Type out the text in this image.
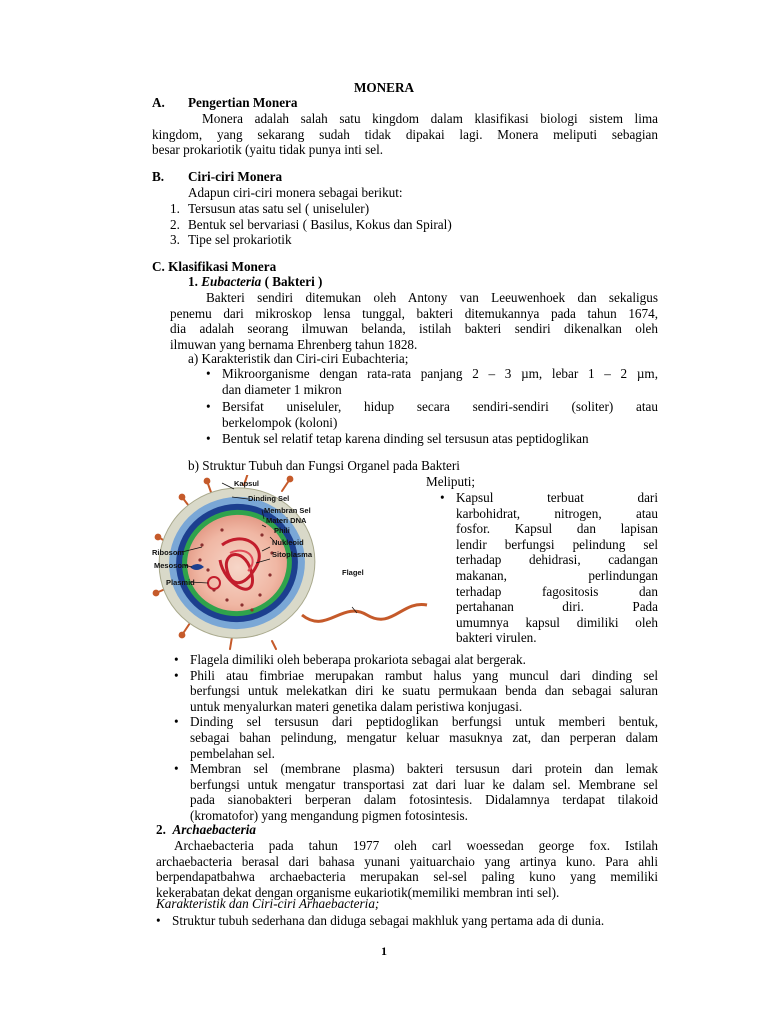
MONERA
A. Pengertian Monera
Monera adalah salah satu kingdom dalam klasifikasi biologi sistem lima
kingdom, yang sekarang sudah tidak dipakai lagi. Monera meliputi sebagian
besar prokariotik (yaitu tidak punya inti sel.
B. Ciri-ciri Monera
Adapun ciri-ciri monera sebagai berikut:
1. Tersusun atas satu sel ( uniseluler)
2. Bentuk sel bervariasi ( Basilus, Kokus dan Spiral)
3. Tipe sel prokariotik
C. Klasifikasi Monera
1. Eubacteria ( Bakteri )
Bakteri sendiri ditemukan oleh Antony van Leeuwenhoek dan sekaligus
penemu dari mikroskop lensa tunggal, bakteri ditemukannya pada tahun 1674,
dia adalah seorang ilmuwan belanda, istilah bakteri sendiri dikenalkan oleh
ilmuwan yang bernama Ehrenberg tahun 1828.
a) Karakteristik dan Ciri-ciri Eubachteria;
• Mikroorganisme dengan rata-rata panjang 2 – 3 µm, lebar 1 – 2 µm,
dan diameter 1 mikron
• Bersifat uniseluler, hidup secara sendiri-sendiri (soliter) atau
berkelompok (koloni)
• Bentuk sel relatif tetap karena dinding sel tersusun atas peptidoglikan
b) Struktur Tubuh dan Fungsi Organel pada Bakteri
Meliputi;
Kapsul
Dinding Sel
Membran Sel
Materi DNA
Phili
Nukleoid
Sitoplasma
Ribosom
Mesosom
Plasmid
Flagel
• Kapsul terbuat dari
karbohidrat, nitrogen, atau
fosfor. Kapsul dan lapisan
lendir berfungsi pelindung sel
terhadap dehidrasi, cadangan
makanan, perlindungan
terhadap fagositosis dan
pertahanan diri. Pada
umumnya kapsul dimiliki oleh
bakteri virulen.
• Flagela dimiliki oleh beberapa prokariota sebagai alat bergerak.
• Phili atau fimbriae merupakan rambut halus yang muncul dari dinding sel
berfungsi untuk melekatkan diri ke suatu permukaan benda dan sebagai saluran
untuk menyalurkan materi genetika dalam peristiwa konjugasi.
• Dinding sel tersusun dari peptidoglikan berfungsi untuk memberi bentuk,
sebagai bahan pelindung, mengatur keluar masuknya zat, dan perperan dalam
pembelahan sel.
• Membran sel (membrane plasma) bakteri tersusun dari protein dan lemak
berfungsi untuk mengatur transportasi zat dari luar ke dalam sel. Membrane sel
pada sianobakteri berperan dalam fotosintesis. Didalamnya terdapat tilakoid
(kromatofor) yang mengandung pigmen fotosintesis.
2. Archaebacteria
Archaebacteria pada tahun 1977 oleh carl woessedan george fox. Istilah
archaebacteria berasal dari bahasa yunani yaituarchaio yang artinya kuno. Para ahli
berpendapatbahwa archaebacteria merupakan sel-sel paling kuno yang memiliki
kekerabatan dekat dengan organisme eukariotik(memiliki membran inti sel).
Karakteristik dan Ciri-ciri Arhaebacteria;
• Struktur tubuh sederhana dan diduga sebagai makhluk yang pertama ada di dunia.
1
